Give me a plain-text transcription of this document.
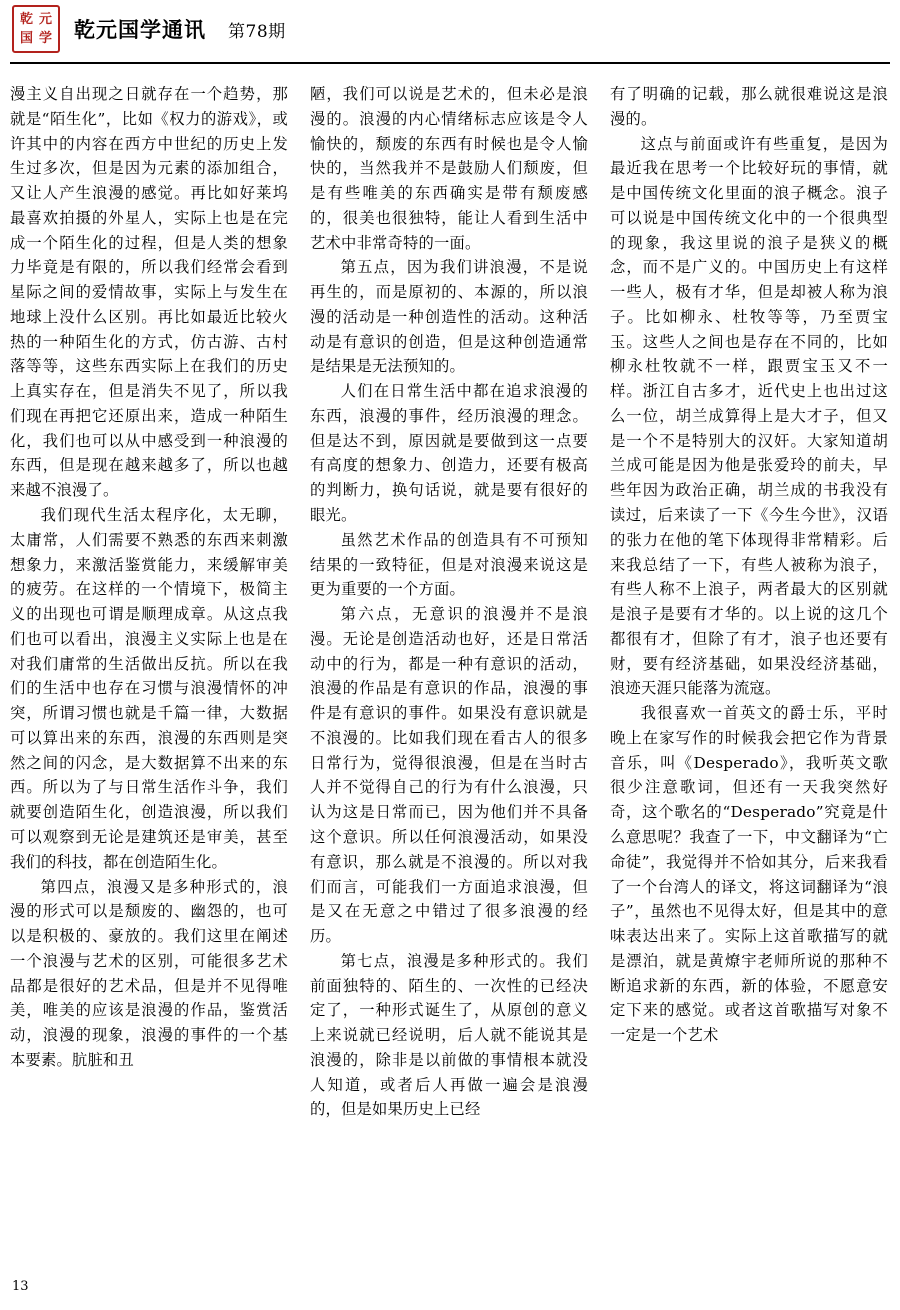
乾 元
国 学 乾元国学通讯 第78期

漫主义自出现之日就存在一个趋势，那就是“陌生化”，比如《权力的游戏》，或许其中的内容在西方中世纪的历史上发生过多次，但是因为元素的添加组合，又让人产生浪漫的感觉。再比如好莱坞最喜欢拍摄的外星人，实际上也是在完成一个陌生化的过程，但是人类的想象力毕竟是有限的，所以我们经常会看到星际之间的爱情故事，实际上与发生在地球上没什么区别。再比如最近比较火热的一种陌生化的方式，仿古游、古村落等等，这些东西实际上在我们的历史上真实存在，但是消失不见了，所以我们现在再把它还原出来，造成一种陌生化，我们也可以从中感受到一种浪漫的东西，但是现在越来越多了，所以也越来越不浪漫了。

我们现代生活太程序化，太无聊，太庸常，人们需要不熟悉的东西来刺激想象力，来激活鉴赏能力，来缓解审美的疲劳。在这样的一个情境下，极简主义的出现也可谓是顺理成章。从这点我们也可以看出，浪漫主义实际上也是在对我们庸常的生活做出反抗。所以在我们的生活中也存在习惯与浪漫情怀的冲突，所谓习惯也就是千篇一律，大数据可以算出来的东西，浪漫的东西则是突然之间的闪念，是大数据算不出来的东西。所以为了与日常生活作斗争，我们就要创造陌生化，创造浪漫，所以我们可以观察到无论是建筑还是审美，甚至我们的科技，都在创造陌生化。

第四点，浪漫又是多种形式的，浪漫的形式可以是颓废的、幽怨的，也可以是积极的、豪放的。我们这里在阐述一个浪漫与艺术的区别，可能很多艺术品都是很好的艺术品，但是并不见得唯美，唯美的应该是浪漫的作品，鉴赏活动，浪漫的现象，浪漫的事件的一个基本要素。肮脏和丑

陋，我们可以说是艺术的，但未必是浪漫的。浪漫的内心情绪标志应该是令人愉快的，颓废的东西有时候也是令人愉快的，当然我并不是鼓励人们颓废，但是有些唯美的东西确实是带有颓废感的，很美也很独特，能让人看到生活中艺术中非常奇特的一面。

第五点，因为我们讲浪漫，不是说再生的，而是原初的、本源的，所以浪漫的活动是一种创造性的活动。这种活动是有意识的创造，但是这种创造通常是结果是无法预知的。

人们在日常生活中都在追求浪漫的东西，浪漫的事件，经历浪漫的理念。但是达不到，原因就是要做到这一点要有高度的想象力、创造力，还要有极高的判断力，换句话说，就是要有很好的眼光。

虽然艺术作品的创造具有不可预知结果的一致特征，但是对浪漫来说这是更为重要的一个方面。

第六点，无意识的浪漫并不是浪漫。无论是创造活动也好，还是日常活动中的行为，都是一种有意识的活动，浪漫的作品是有意识的作品，浪漫的事件是有意识的事件。如果没有意识就是不浪漫的。比如我们现在看古人的很多日常行为，觉得很浪漫，但是在当时古人并不觉得自己的行为有什么浪漫，只认为这是日常而已，因为他们并不具备这个意识。所以任何浪漫活动，如果没有意识，那么就是不浪漫的。所以对我们而言，可能我们一方面追求浪漫，但是又在无意之中错过了很多浪漫的经历。

第七点，浪漫是多种形式的。我们前面独特的、陌生的、一次性的已经决定了，一种形式诞生了，从原创的意义上来说就已经说明，后人就不能说其是浪漫的，除非是以前做的事情根本就没人知道，或者后人再做一遍会是浪漫的，但是如果历史上已经

有了明确的记载，那么就很难说这是浪漫的。

这点与前面或许有些重复，是因为最近我在思考一个比较好玩的事情，就是中国传统文化里面的浪子概念。浪子可以说是中国传统文化中的一个很典型的现象，我这里说的浪子是狭义的概念，而不是广义的。中国历史上有这样一些人，极有才华，但是却被人称为浪子。比如柳永、杜牧等等，乃至贾宝玉。这些人之间也是存在不同的，比如柳永杜牧就不一样，跟贾宝玉又不一样。浙江自古多才，近代史上也出过这么一位，胡兰成算得上是大才子，但又是一个不是特别大的汉奸。大家知道胡兰成可能是因为他是张爱玲的前夫，早些年因为政治正确，胡兰成的书我没有读过，后来读了一下《今生今世》，汉语的张力在他的笔下体现得非常精彩。后来我总结了一下，有些人被称为浪子，有些人称不上浪子，两者最大的区别就是浪子是要有才华的。以上说的这几个都很有才，但除了有才，浪子也还要有财，要有经济基础，如果没经济基础，浪迹天涯只能落为流寇。

我很喜欢一首英文的爵士乐，平时晚上在家写作的时候我会把它作为背景音乐，叫《Desperado》，我听英文歌很少注意歌词，但还有一天我突然好奇，这个歌名的“Desperado”究竟是什么意思呢？我查了一下，中文翻译为“亡命徒”，我觉得并不恰如其分，后来我看了一个台湾人的译文，将这词翻译为“浪子”，虽然也不见得太好，但是其中的意味表达出来了。实际上这首歌描写的就是漂泊，就是黄燎宇老师所说的那种不断追求新的东西，新的体验，不愿意安定下来的感觉。或者这首歌描写对象不一定是一个艺术

13
